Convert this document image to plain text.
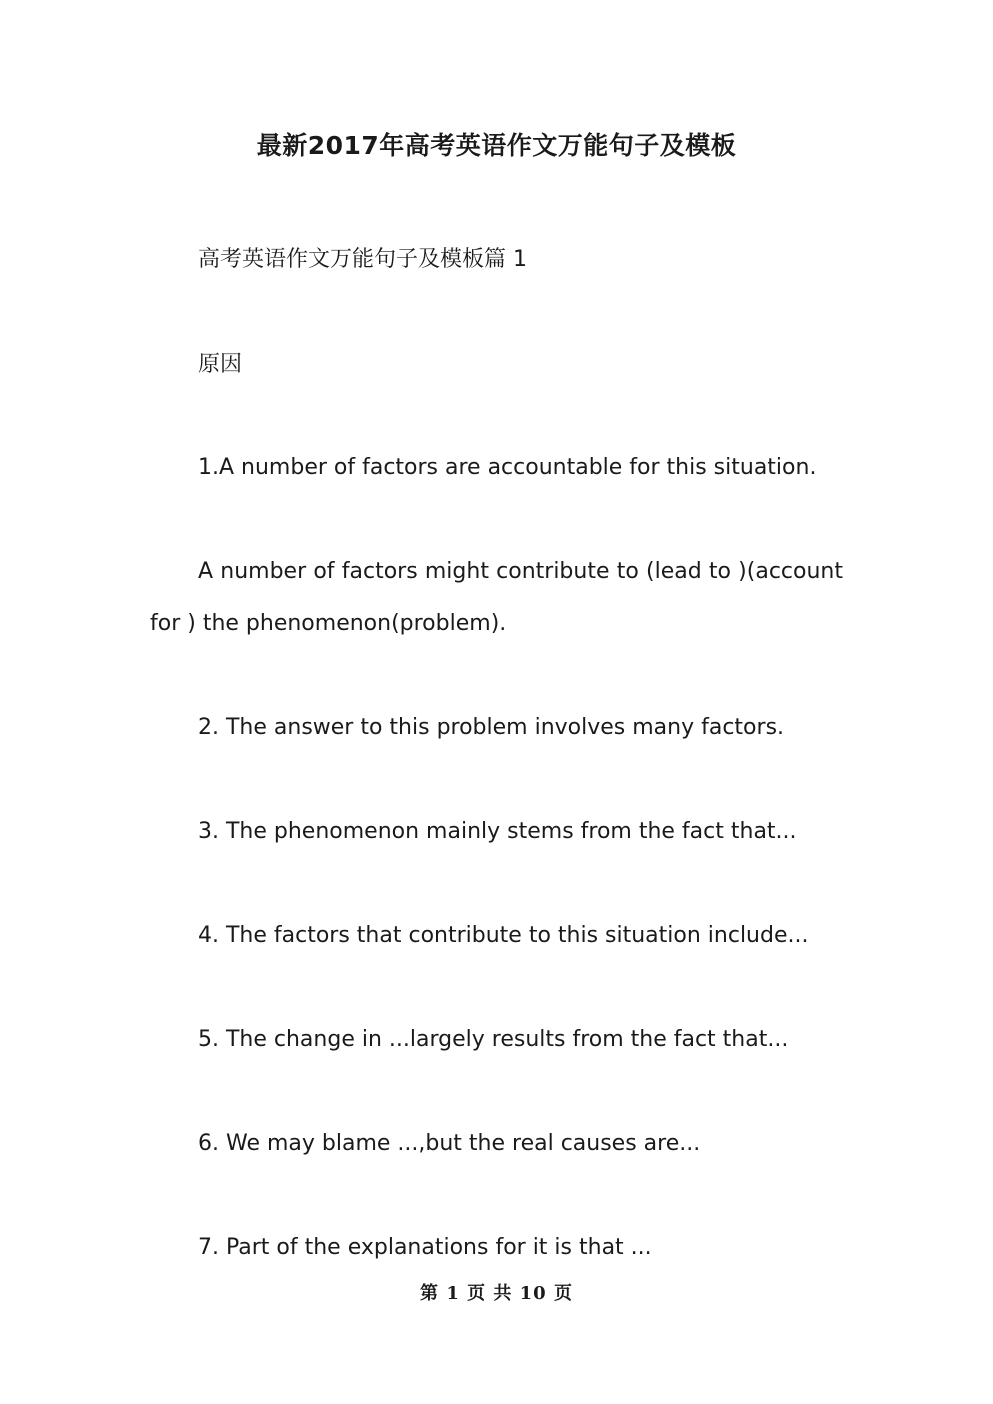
最新2017年高考英语作文万能句子及模板
高考英语作文万能句子及模板篇 1
原因
1.A number of factors are accountable for this situation.
A number of factors might contribute to (lead to )(account for ) the phenomenon(problem).
2. The answer to this problem involves many factors.
3. The phenomenon mainly stems from the fact that...
4. The factors that contribute to this situation include...
5. The change in ...largely results from the fact that...
6. We may blame ...,but the real causes are...
7. Part of the explanations for it is that ...
第 1 页 共 10 页
